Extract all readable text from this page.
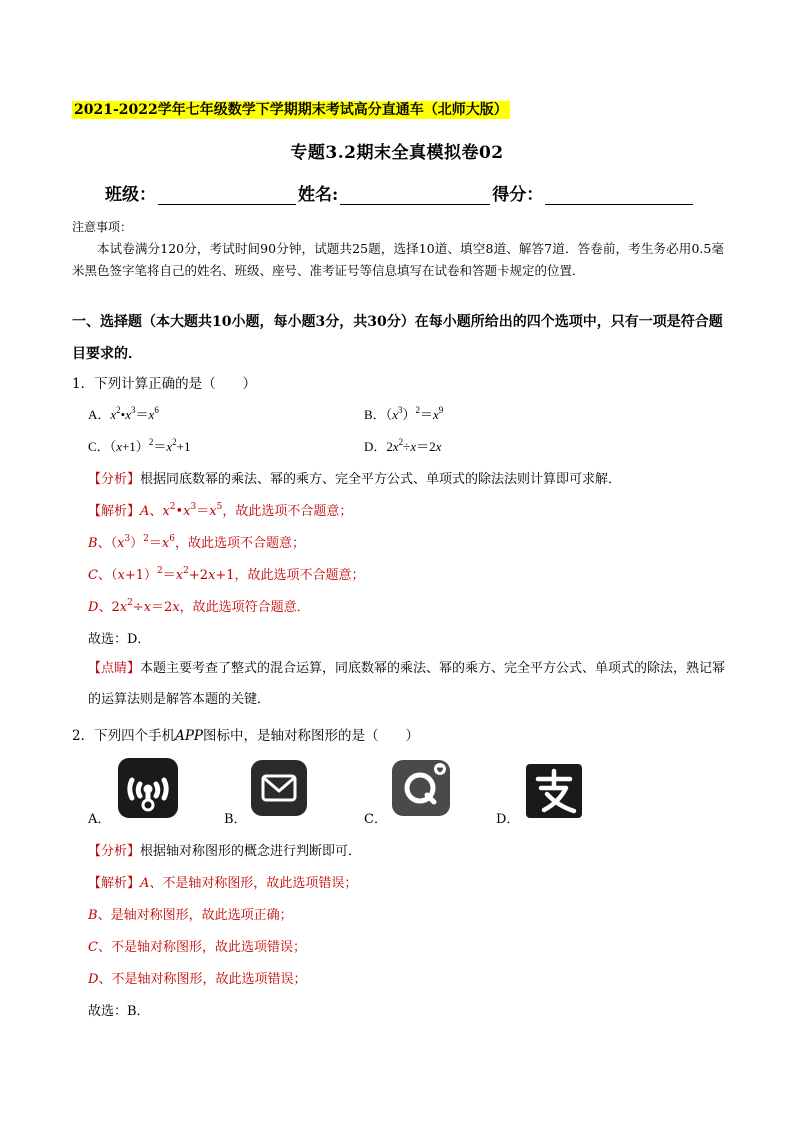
2021-2022学年七年级数学下学期期末考试高分直通车（北师大版）
专题3.2期末全真模拟卷02
班级：	姓名:	得分：
注意事项：
本试卷满分120分，考试时间90分钟，试题共25题，选择10道、填空8道、解答7道．答卷前，考生务必用0.5毫米黑色签字笔将自己的姓名、班级、座号、准考证号等信息填写在试卷和答题卡规定的位置．
一、选择题（本大题共10小题，每小题3分，共30分）在每小题所给出的四个选项中，只有一项是符合题目要求的．
1．下列计算正确的是（　　）
A．$x^2•x^3=x^6$	B．$(x^3)^2=x^9$
C．$(x+1)^2=x^2+1$	D．$2x^2\div x=2x$
【分析】根据同底数幂的乘法、幂的乘方、完全平方公式、单项式的除法法则计算即可求解．
【解析】A、$x^2•x^3=x^5$，故此选项不合题意；
B、$(x^3)^2=x^6$，故此选项不合题意；
C、$(x+1)^2=x^2+2x+1$，故此选项不合题意；
D、$2x^2\div x=2x$，故此选项符合题意．
故选：D．
【点睛】本题主要考查了整式的混合运算，同底数幂的乘法、幂的乘方、完全平方公式、单项式的除法，熟记幂的运算法则是解答本题的关键．
2．下列四个手机APP图标中，是轴对称图形的是（　　）
A．	B．	C．	D．
【分析】根据轴对称图形的概念进行判断即可．
【解析】A、不是轴对称图形，故此选项错误；
B、是轴对称图形，故此选项正确；
C、不是轴对称图形，故此选项错误；
D、不是轴对称图形，故此选项错误；
故选：B．
